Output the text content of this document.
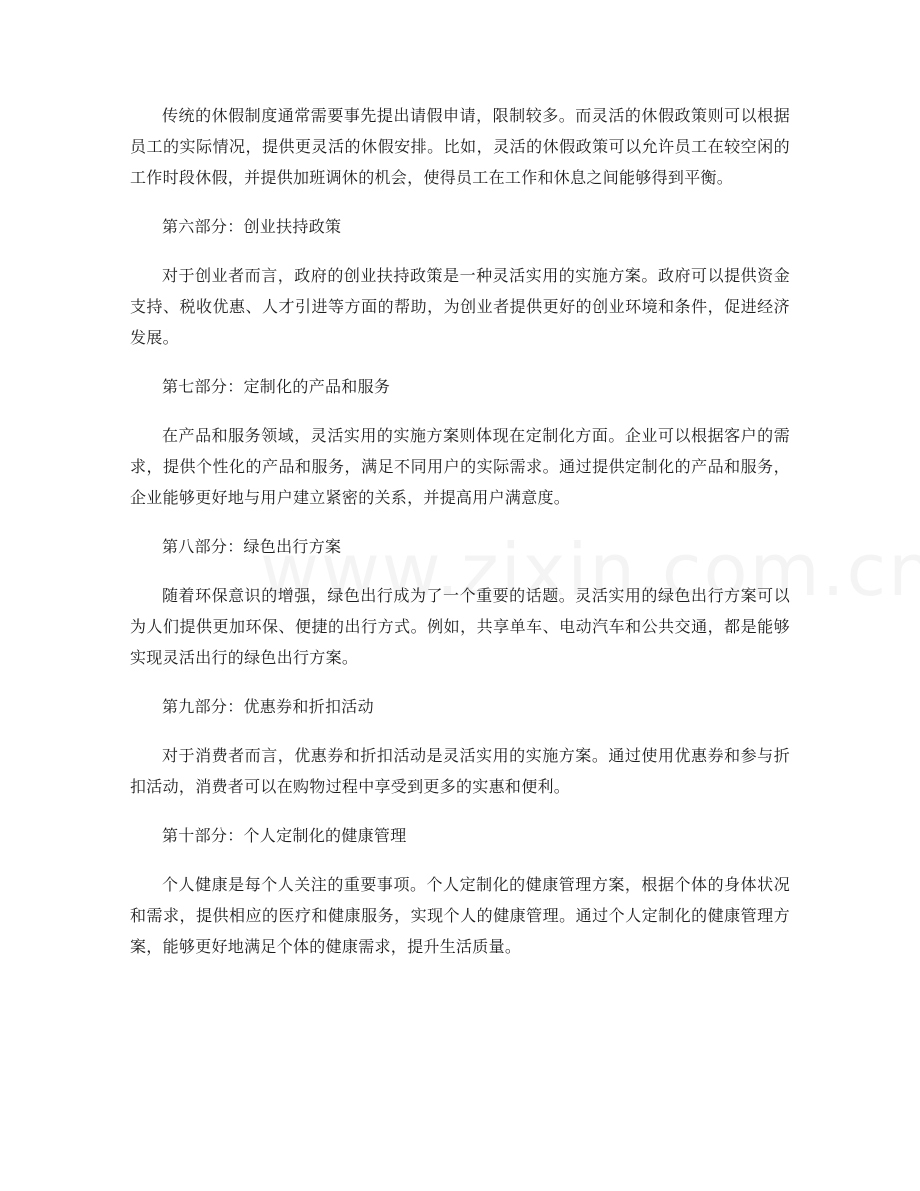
传统的休假制度通常需要事先提出请假申请，限制较多。而灵活的休假政策则可以根据员工的实际情况，提供更灵活的休假安排。比如，灵活的休假政策可以允许员工在较空闲的工作时段休假，并提供加班调休的机会，使得员工在工作和休息之间能够得到平衡。

第六部分：创业扶持政策

对于创业者而言，政府的创业扶持政策是一种灵活实用的实施方案。政府可以提供资金支持、税收优惠、人才引进等方面的帮助，为创业者提供更好的创业环境和条件，促进经济发展。

第七部分：定制化的产品和服务

在产品和服务领域，灵活实用的实施方案则体现在定制化方面。企业可以根据客户的需求，提供个性化的产品和服务，满足不同用户的实际需求。通过提供定制化的产品和服务，企业能够更好地与用户建立紧密的关系，并提高用户满意度。

第八部分：绿色出行方案

随着环保意识的增强，绿色出行成为了一个重要的话题。灵活实用的绿色出行方案可以为人们提供更加环保、便捷的出行方式。例如，共享单车、电动汽车和公共交通，都是能够实现灵活出行的绿色出行方案。

第九部分：优惠券和折扣活动

对于消费者而言，优惠券和折扣活动是灵活实用的实施方案。通过使用优惠券和参与折扣活动，消费者可以在购物过程中享受到更多的实惠和便利。

第十部分：个人定制化的健康管理

个人健康是每个人关注的重要事项。个人定制化的健康管理方案，根据个体的身体状况和需求，提供相应的医疗和健康服务，实现个人的健康管理。通过个人定制化的健康管理方案，能够更好地满足个体的健康需求，提升生活质量。
